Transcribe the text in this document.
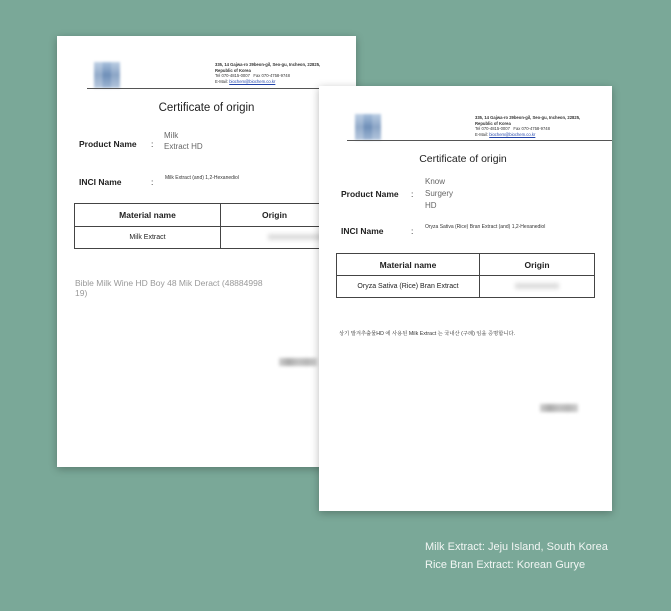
335, 14 Gajwa-ro 29beon-gil, Seo-gu, Incheon, 22825,
Republic of Korea

Tel 070-4815-0007   Fax 070-4758-9748
E-Mail: biochem@biochem.co.kr
Certificate of origin
Product Name :
Milk
Extract HD
INCI Name	: Milk Extract (and) 1,2-Hexanediol
Material name	Origin
Milk Extract	
Bible Milk Wine HD Boy 48 Mik Deract (48884998
19)
335, 14 Gajwa-ro 29beon-gil, Seo-gu, Incheon, 22825,
Republic of Korea

Tel 070-4815-0007   Fax 070-4758-9748
E-Mail: biochem@biochem.co.kr
Certificate of origin
Product Name :
Know
Surgery
HD
INCI Name	: Oryza Sativa (Rice) Bran Extract (and) 1,2-Hexanediol
Material name	Origin
Oryza Sativa (Rice) Bran Extract	
상기 발겨추출물HD 에 사용된 Milk Extract 는 국내산 (구례) 임을 증명합니다.
Milk Extract: Jeju Island, South Korea
Rice Bran Extract: Korean Gurye
